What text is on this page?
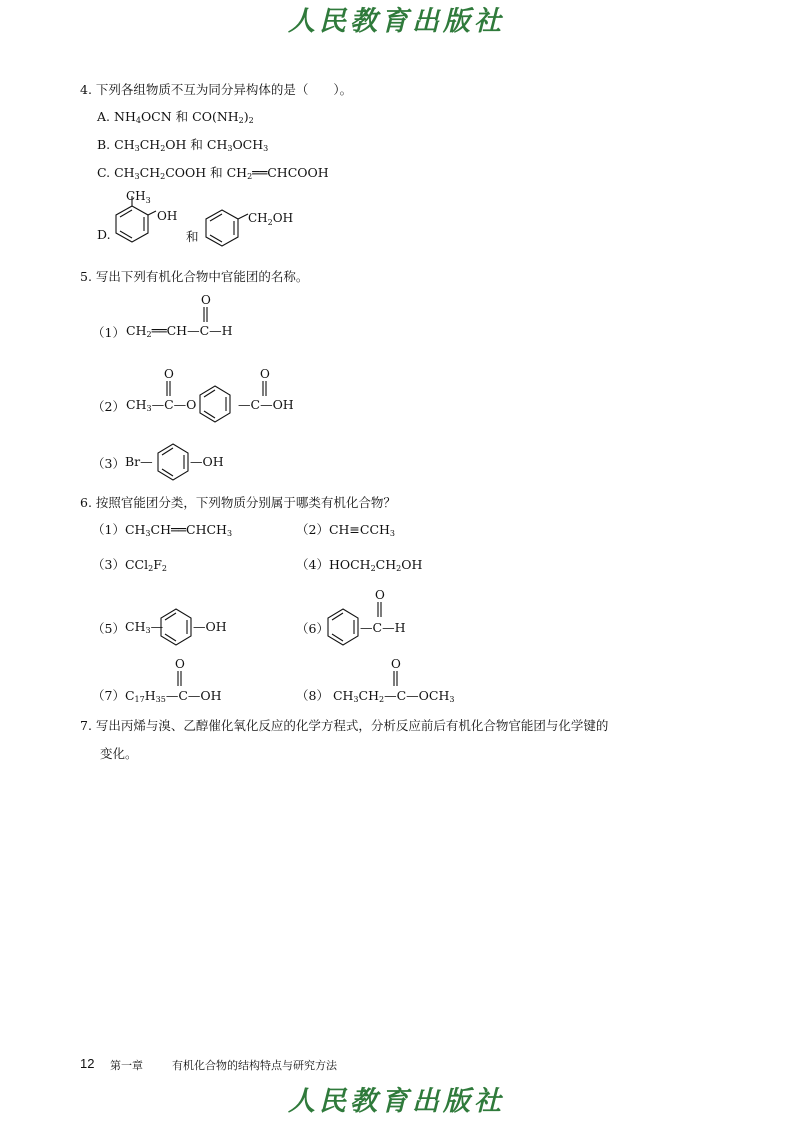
人民教育出版社
4. 下列各组物质不互为同分异构体的是（　　）。
A. $NH_4OCN$ 和 $CO(NH_2)_2$
B. $CH_3CH_2OH$ 和 $CH_3OCH_3$
C. $CH_3CH_2COOH$ 和 $CH_2══CHCOOH$
D.
$CH_3$
OH
和
$CH_2OH$
5. 写出下列有机化合物中官能团的名称。
（1） $CH_2══CH—C—H$
O
（2） $CH_3—C—O$
O
—C—OH
O
（3） Br—	—OH
6. 按照官能团分类，下列物质分别属于哪类有机化合物？
$(1)CH_3CH══CHCH_3$	$(2)CH\equiv CCH_3$
$(3)CCl_2F_2$	$(4)HOCH_2CH_2OH$
（5） $CH_3—$ —OH	（6） —C—H
O
$(7)C_{17}H_{35}—C—OH$
O
（8） $CH_3CH_2—C—OCH_3$
O
7. 写出丙烯与溴、乙醇催化氧化反应的化学方程式，分析反应前后有机化合物官能团与化学键的
变化。
12 第一章	有机化合物的结构特点与研究方法
人民教育出版社
